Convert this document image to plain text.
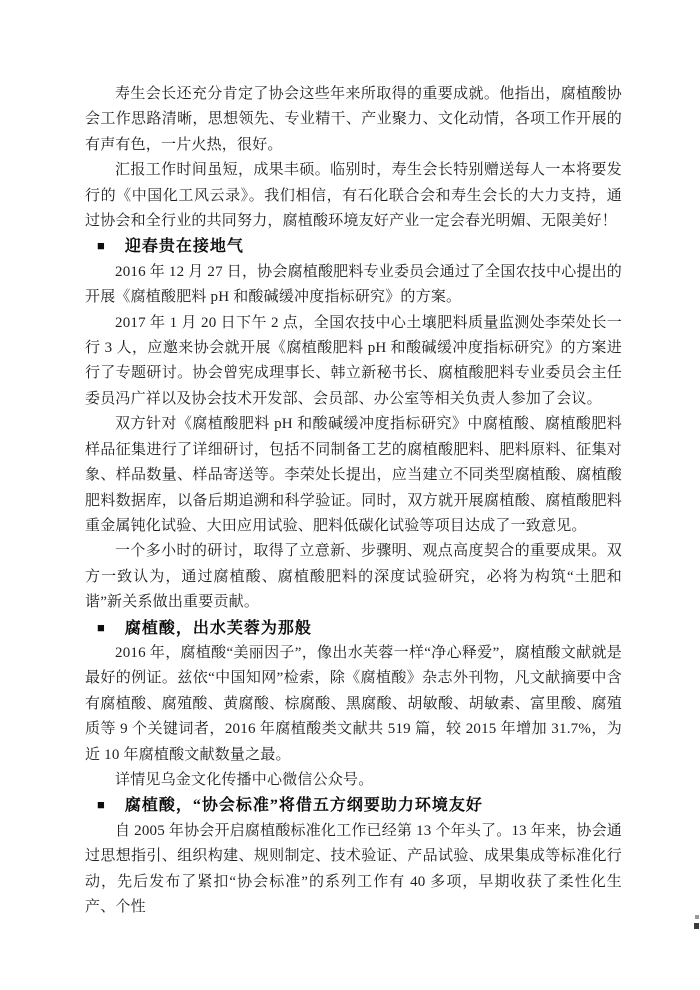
寿生会长还充分肯定了协会这些年来所取得的重要成就。他指出，腐植酸协会工作思路清晰，思想领先、专业精干、产业聚力、文化动情，各项工作开展的有声有色，一片火热，很好。

汇报工作时间虽短，成果丰硕。临别时，寿生会长特别赠送每人一本将要发行的《中国化工风云录》。我们相信，有石化联合会和寿生会长的大力支持，通过协会和全行业的共同努力，腐植酸环境友好产业一定会春光明媚、无限美好！

■ 迎春贵在接地气

2016 年 12 月 27 日，协会腐植酸肥料专业委员会通过了全国农技中心提出的开展《腐植酸肥料 pH 和酸碱缓冲度指标研究》的方案。

2017 年 1 月 20 日下午 2 点，全国农技中心土壤肥料质量监测处李荣处长一行 3 人，应邀来协会就开展《腐植酸肥料 pH 和酸碱缓冲度指标研究》的方案进行了专题研讨。协会曾宪成理事长、韩立新秘书长、腐植酸肥料专业委员会主任委员冯广祥以及协会技术开发部、会员部、办公室等相关负责人参加了会议。

双方针对《腐植酸肥料 pH 和酸碱缓冲度指标研究》中腐植酸、腐植酸肥料样品征集进行了详细研讨，包括不同制备工艺的腐植酸肥料、肥料原料、征集对象、样品数量、样品寄送等。李荣处长提出，应当建立不同类型腐植酸、腐植酸肥料数据库，以备后期追溯和科学验证。同时，双方就开展腐植酸、腐植酸肥料重金属钝化试验、大田应用试验、肥料低碳化试验等项目达成了一致意见。

一个多小时的研讨，取得了立意新、步骤明、观点高度契合的重要成果。双方一致认为，通过腐植酸、腐植酸肥料的深度试验研究，必将为构筑“土肥和谐”新关系做出重要贡献。

■ 腐植酸，出水芙蓉为那般

2016 年，腐植酸“美丽因子”，像出水芙蓉一样“净心释爱”，腐植酸文献就是最好的例证。兹依“中国知网”检索，除《腐植酸》杂志外刊物，凡文献摘要中含有腐植酸、腐殖酸、黄腐酸、棕腐酸、黑腐酸、胡敏酸、胡敏素、富里酸、腐殖质等 9 个关键词者，2016 年腐植酸类文献共 519 篇，较 2015 年增加 31.7%，为近 10 年腐植酸文献数量之最。

详情见乌金文化传播中心微信公众号。

■ 腐植酸，“协会标准”将借五方纲要助力环境友好

自 2005 年协会开启腐植酸标准化工作已经第 13 个年头了。13 年来，协会通过思想指引、组织构建、规则制定、技术验证、产品试验、成果集成等标准化行动，先后发布了紧扣“协会标准”的系列工作有 40 多项，早期收获了柔性化生产、个性
